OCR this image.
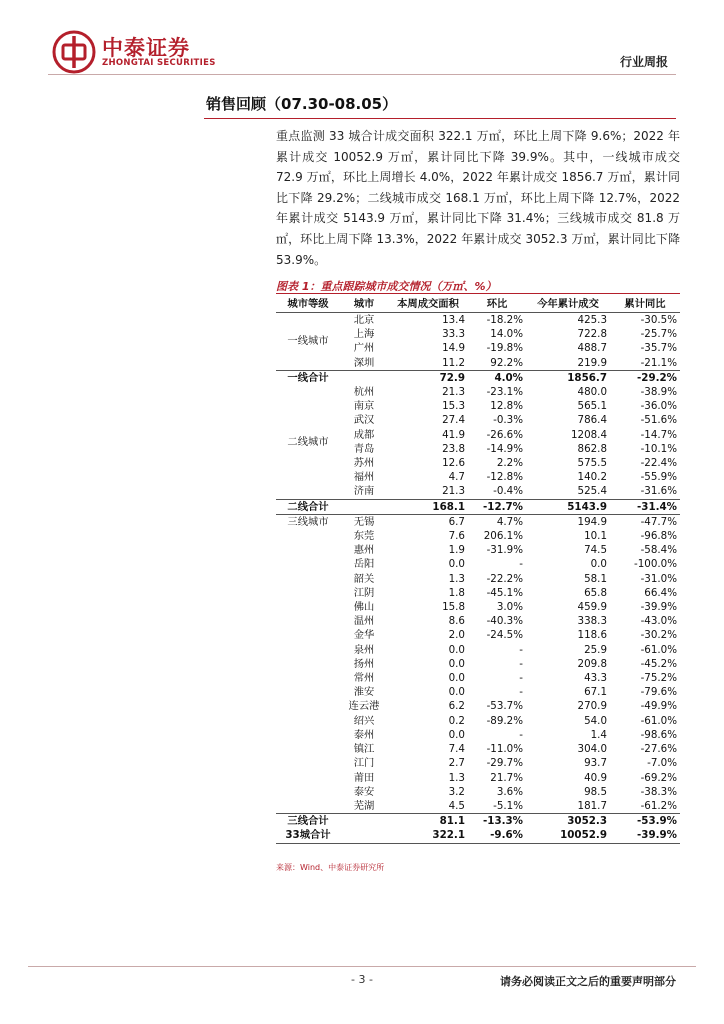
中泰证券
ZHONGTAI SECURITIES	行业周报
销售回顾（07.30-08.05）
重点监测 33 城合计成交面积 322.1 万㎡，环比上周下降 9.6%；2022 年累计成交 10052.9 万㎡，累计同比下降 39.9%。其中，一线城市成交 72.9 万㎡，环比上周增长 4.0%，2022 年累计成交 1856.7 万㎡，累计同比下降 29.2%；二线城市成交 168.1 万㎡，环比上周下降 12.7%，2022 年累计成交 5143.9 万㎡，累计同比下降 31.4%；三线城市成交 81.8 万㎡，环比上周下降 13.3%，2022 年累计成交 3052.3 万㎡，累计同比下降 53.9%。
图表 1：重点跟踪城市成交情况（万㎡、%）
城市等级	城市	本周成交面积	环比	今年累计成交	累计同比
一线城市	北京	13.4	-18.2%	425.3	-30.5%
	上海	33.3	14.0%	722.8	-25.7%
	广州	14.9	-19.8%	488.7	-35.7%
	深圳	11.2	92.2%	219.9	-21.1%
一线合计		72.9	4.0%	1856.7	-29.2%
二线城市	杭州	21.3	-23.1%	480.0	-38.9%
	南京	15.3	12.8%	565.1	-36.0%
	武汉	27.4	-0.3%	786.4	-51.6%
	成都	41.9	-26.6%	1208.4	-14.7%
	青岛	23.8	-14.9%	862.8	-10.1%
	苏州	12.6	2.2%	575.5	-22.4%
	福州	4.7	-12.8%	140.2	-55.9%
	济南	21.3	-0.4%	525.4	-31.6%
二线合计		168.1	-12.7%	5143.9	-31.4%
三线城市	无锡	6.7	4.7%	194.9	-47.7%
	东莞	7.6	206.1%	10.1	-96.8%
	惠州	1.9	-31.9%	74.5	-58.4%
	岳阳	0.0	-	0.0	-100.0%
	韶关	1.3	-22.2%	58.1	-31.0%
	江阴	1.8	-45.1%	65.8	66.4%
	佛山	15.8	3.0%	459.9	-39.9%
	温州	8.6	-40.3%	338.3	-43.0%
	金华	2.0	-24.5%	118.6	-30.2%
	泉州	0.0	-	25.9	-61.0%
	扬州	0.0	-	209.8	-45.2%
	常州	0.0	-	43.3	-75.2%
	淮安	0.0	-	67.1	-79.6%
	连云港	6.2	-53.7%	270.9	-49.9%
	绍兴	0.2	-89.2%	54.0	-61.0%
	泰州	0.0	-	1.4	-98.6%
	镇江	7.4	-11.0%	304.0	-27.6%
	江门	2.7	-29.7%	93.7	-7.0%
	莆田	1.3	21.7%	40.9	-69.2%
	泰安	3.2	3.6%	98.5	-38.3%
	芜湖	4.5	-5.1%	181.7	-61.2%
三线合计		81.1	-13.3%	3052.3	-53.9%
33城合计		322.1	-9.6%	10052.9	-39.9%
来源：Wind、中泰证券研究所
- 3 -	请务必阅读正文之后的重要声明部分
